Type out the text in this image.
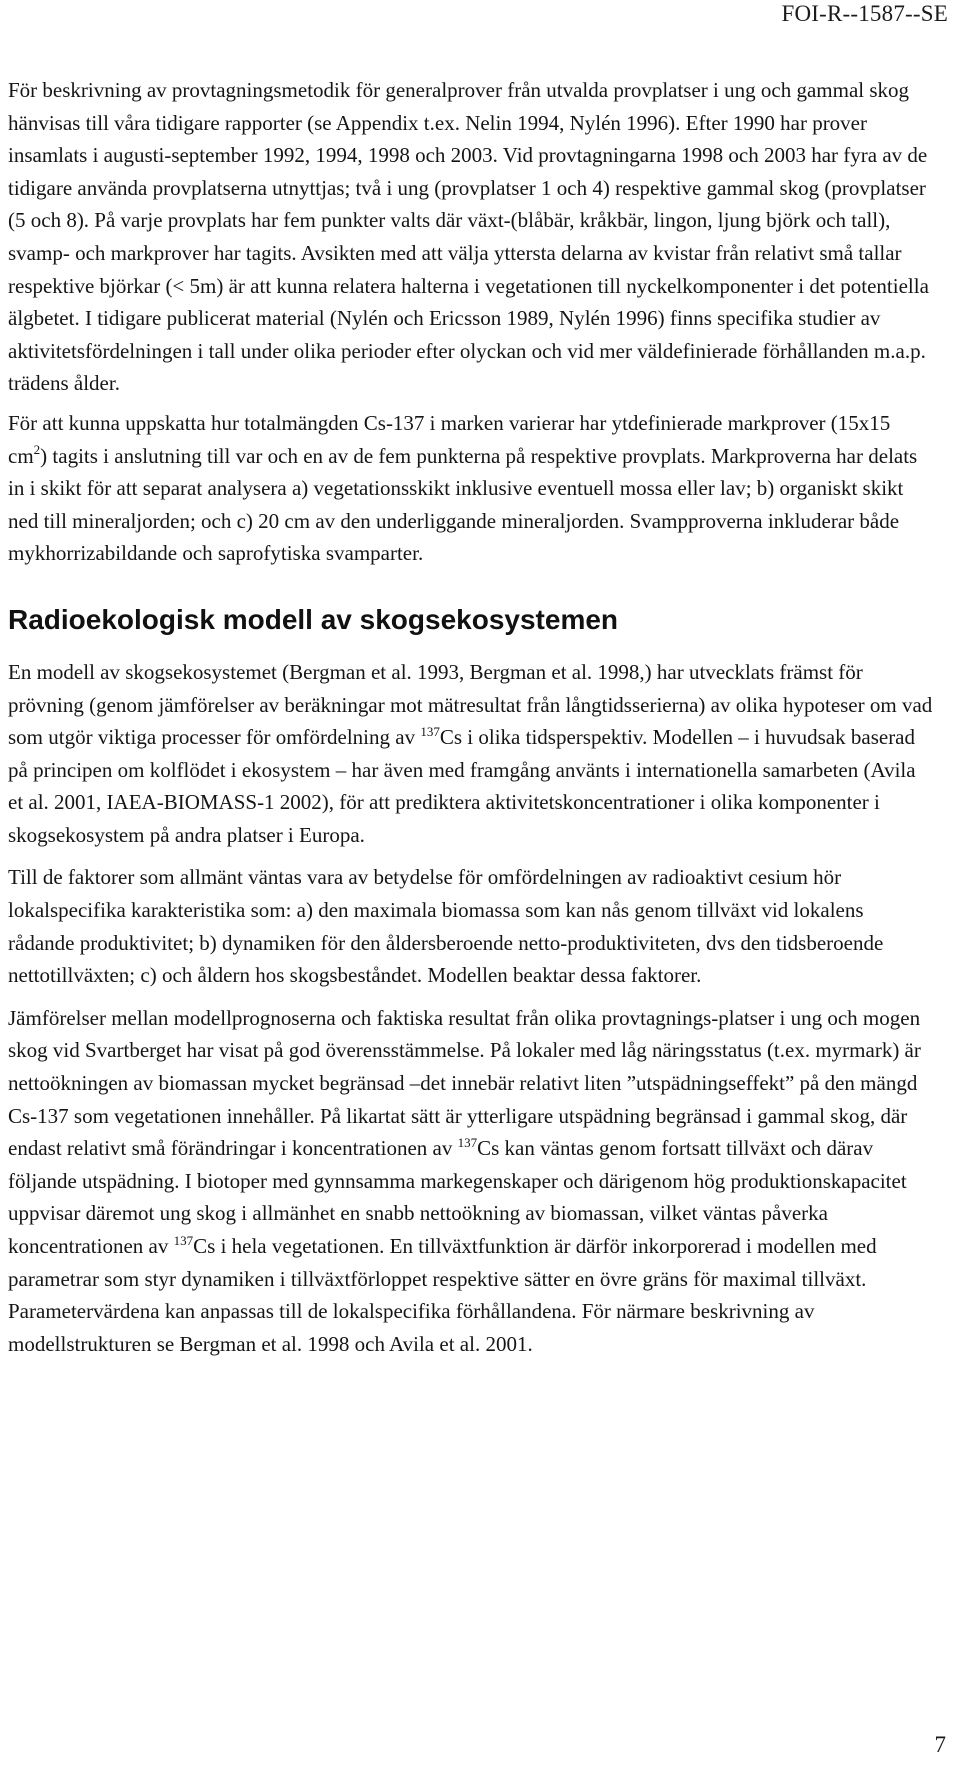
FOI-R--1587--SE

För beskrivning av provtagningsmetodik för generalprover från utvalda provplatser i ung och gammal skog hänvisas till våra tidigare rapporter (se Appendix t.ex. Nelin 1994, Nylén 1996). Efter 1990 har prover insamlats i augusti-september 1992, 1994, 1998 och 2003. Vid provtagningarna 1998 och 2003 har fyra av de tidigare använda provplatserna utnyttjas; två i ung (provplatser 1 och 4) respektive gammal skog (provplatser (5 och 8). På varje provplats har fem punkter valts där växt-(blåbär, kråkbär, lingon, ljung björk och tall), svamp- och markprover har tagits. Avsikten med att välja yttersta delarna av kvistar från relativt små tallar respektive björkar (< 5m) är att kunna relatera halterna i vegetationen till nyckelkomponenter i det potentiella älgbetet. I tidigare publicerat material (Nylén och Ericsson 1989, Nylén 1996) finns specifika studier av aktivitetsfördelningen i tall under olika perioder efter olyckan och vid mer väldefinierade förhållanden m.a.p. trädens ålder.

För att kunna uppskatta hur totalmängden Cs-137 i marken varierar har ytdefinierade markprover (15x15 $cm^2$) tagits i anslutning till var och en av de fem punkterna på respektive provplats. Markproverna har delats in i skikt för att separat analysera a) vegetationsskikt inklusive eventuell mossa eller lav; b) organiskt skikt ned till mineraljorden; och c) 20 cm av den underliggande mineraljorden. Svampproverna inkluderar både mykhorrizabildande och saprofytiska svamparter.

Radioekologisk modell av skogsekosystemen

En modell av skogsekosystemet (Bergman et al. 1993, Bergman et al. 1998,) har utvecklats främst för prövning (genom jämförelser av beräkningar mot mätresultat från långtidsserierna) av olika hypoteser om vad som utgör viktiga processer för omfördelning av $^{137}$Cs i olika tidsperspektiv. Modellen – i huvudsak baserad på principen om kolflödet i ekosystem – har även med framgång använts i internationella samarbeten (Avila et al. 2001, IAEA-BIOMASS-1 2002), för att prediktera aktivitetskoncentrationer i olika komponenter i skogsekosystem på andra platser i Europa.

Till de faktorer som allmänt väntas vara av betydelse för omfördelningen av radioaktivt cesium hör lokalspecifika karakteristika som: a) den maximala biomassa som kan nås genom tillväxt vid lokalens rådande produktivitet; b) dynamiken för den åldersberoende netto-produktiviteten, dvs den tidsberoende nettotillväxten; c) och åldern hos skogsbeståndet. Modellen beaktar dessa faktorer.

Jämförelser mellan modellprognoserna och faktiska resultat från olika provtagnings-platser i ung och mogen skog vid Svartberget har visat på god överensstämmelse. På lokaler med låg näringsstatus (t.ex. myrmark) är nettoökningen av biomassan mycket begränsad –det innebär relativt liten ”utspädningseffekt” på den mängd Cs-137 som vegetationen innehåller. På likartat sätt är ytterligare utspädning begränsad i gammal skog, där endast relativt små förändringar i koncentrationen av $^{137}$Cs kan väntas genom fortsatt tillväxt och därav följande utspädning. I biotoper med gynnsamma markegenskaper och därigenom hög produktionskapacitet uppvisar däremot ung skog i allmänhet en snabb nettoökning av biomassan, vilket väntas påverka koncentrationen av $^{137}$Cs i hela vegetationen. En tillväxtfunktion är därför inkorporerad i modellen med parametrar som styr dynamiken i tillväxtförloppet respektive sätter en övre gräns för maximal tillväxt. Parametervärdena kan anpassas till de lokalspecifika förhållandena. För närmare beskrivning av modellstrukturen se Bergman et al. 1998 och Avila et al. 2001.

7
